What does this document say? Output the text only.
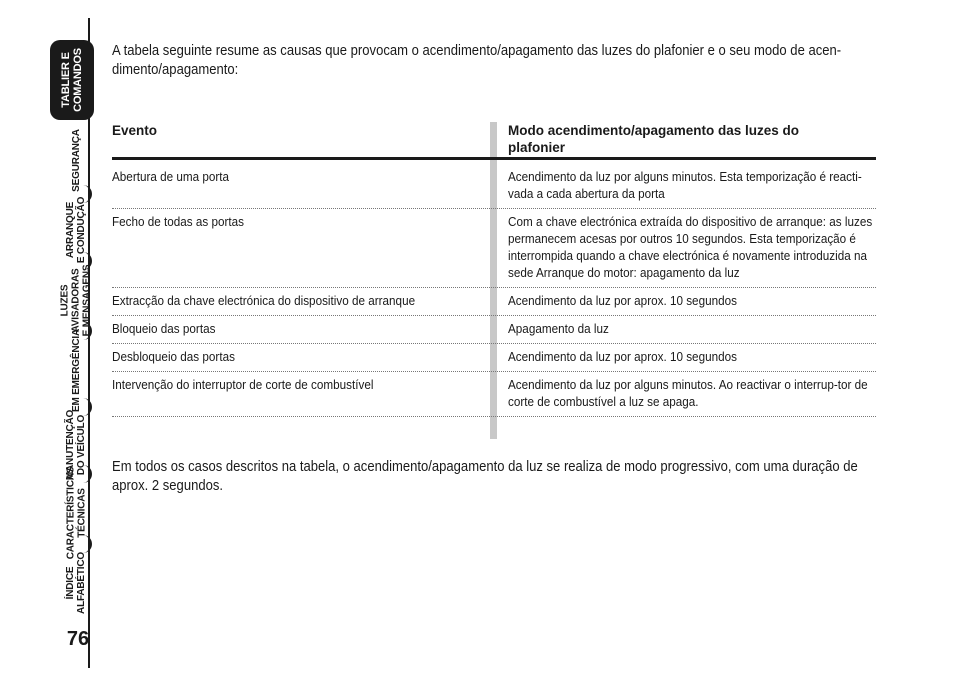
TABLIER E
COMANDOS
SEGURANÇA
ARRANQUE
E CONDUÇÃO
LUZES
AVISADORAS
E MENSAGENS
EM EMERGÊNCIA
MANUTENÇÃO
DO VEÍCULO
CARACTERÍSTICAS
TÉCNICAS
ÍNDICE
ALFABÉTICO
76

A tabela seguinte resume as causas que provocam o acendimento/apagamento das luzes do plafonier e o seu modo de acen-dimento/apagamento:

Evento	Modo acendimento/apagamento das luzes do plafonier
Abertura de uma porta	Acendimento da luz por alguns minutos. Esta temporização é reacti-vada a cada abertura da porta
Fecho de todas as portas	Com a chave electrónica extraída do dispositivo de arranque: as luzes permanecem acesas por outros 10 segundos. Esta temporização é interrompida quando a chave electrónica é novamente introduzida na sede Arranque do motor: apagamento da luz
Extracção da chave electrónica do dispositivo de arranque	Acendimento da luz por aprox. 10 segundos
Bloqueio das portas	Apagamento da luz
Desbloqueio das portas	Acendimento da luz por aprox. 10 segundos
Intervenção do interruptor de corte de combustível	Acendimento da luz por alguns minutos. Ao reactivar o interrup-tor de corte de combustível a luz se apaga.

Em todos os casos descritos na tabela, o acendimento/apagamento da luz se realiza de modo progressivo, com uma duração de aprox. 2 segundos.
